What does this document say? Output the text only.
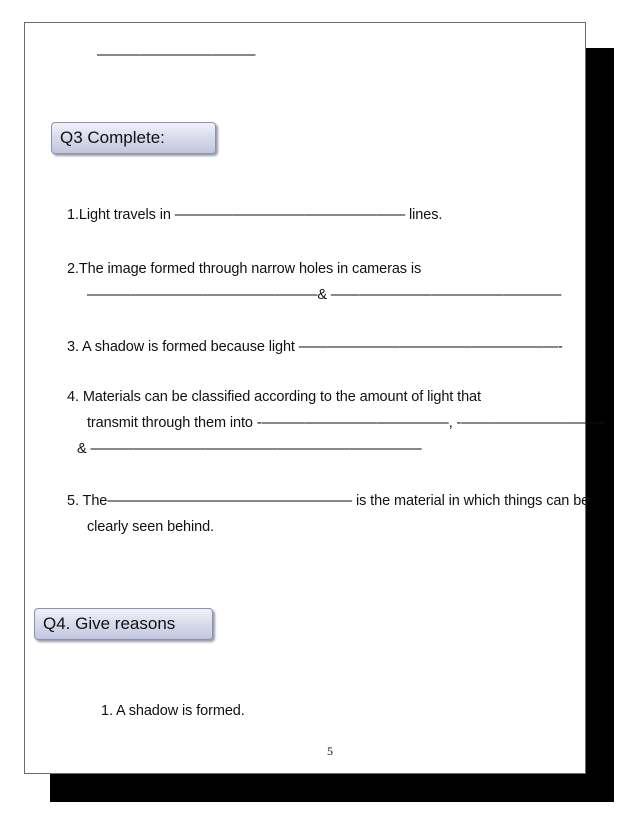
———————————
Q3 Complete:
1.Light travels in ———————————————— lines.
2.The image formed through narrow holes in cameras is
————————————————& ————————————————
3. A shadow is formed because light ——————————————————-
4. Materials can be classified according to the amount of light that
transmit through them into -—————————————, -——————————
& ———————————————————————
5. The————————————————— is the material in which things can be
clearly seen behind.
Q4. Give reasons
1. A shadow is formed.
5
